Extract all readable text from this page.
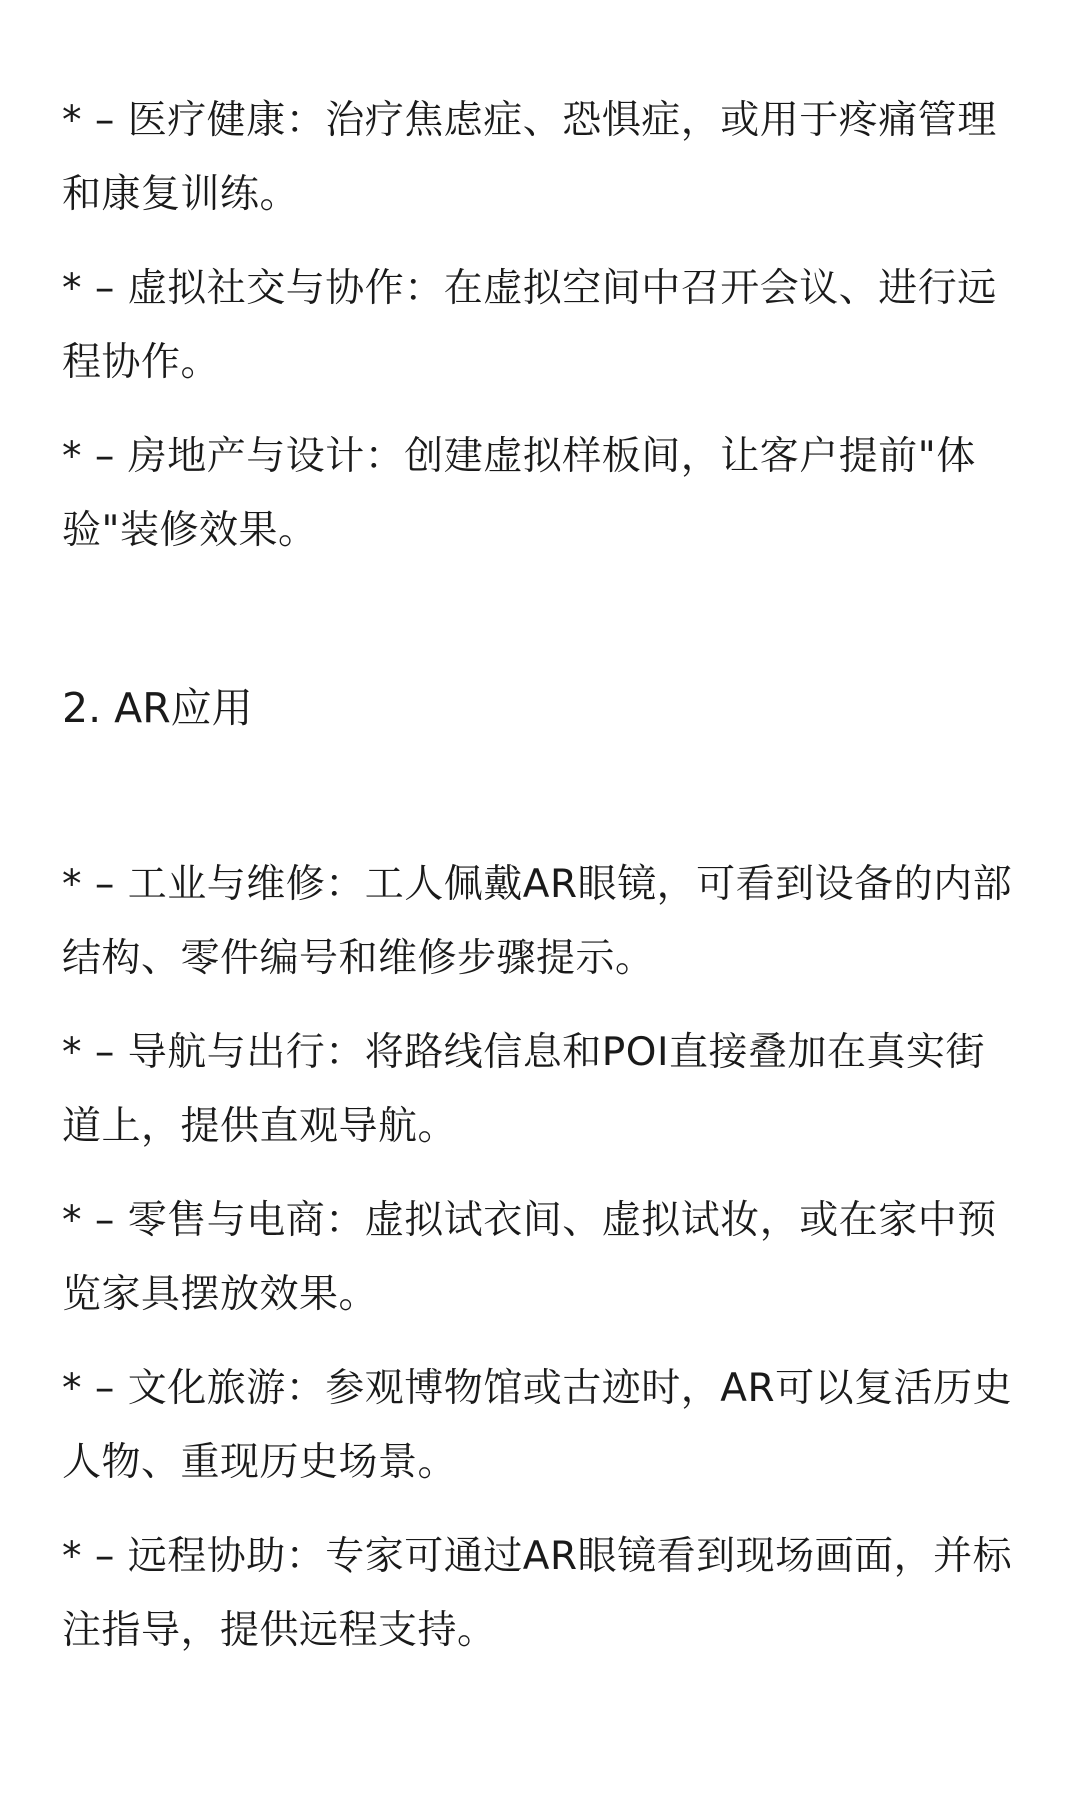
* – 医疗健康：治疗焦虑症、恐惧症，或用于疼痛管理和康复训练。

* – 虚拟社交与协作：在虚拟空间中召开会议、进行远程协作。

* – 房地产与设计：创建虚拟样板间，让客户提前"体验"装修效果。

2. AR应用

* – 工业与维修：工人佩戴AR眼镜，可看到设备的内部结构、零件编号和维修步骤提示。

* – 导航与出行：将路线信息和POI直接叠加在真实街道上，提供直观导航。

* – 零售与电商：虚拟试衣间、虚拟试妆，或在家中预览家具摆放效果。

* – 文化旅游：参观博物馆或古迹时，AR可以复活历史人物、重现历史场景。

* – 远程协助：专家可通过AR眼镜看到现场画面，并标注指导，提供远程支持。
